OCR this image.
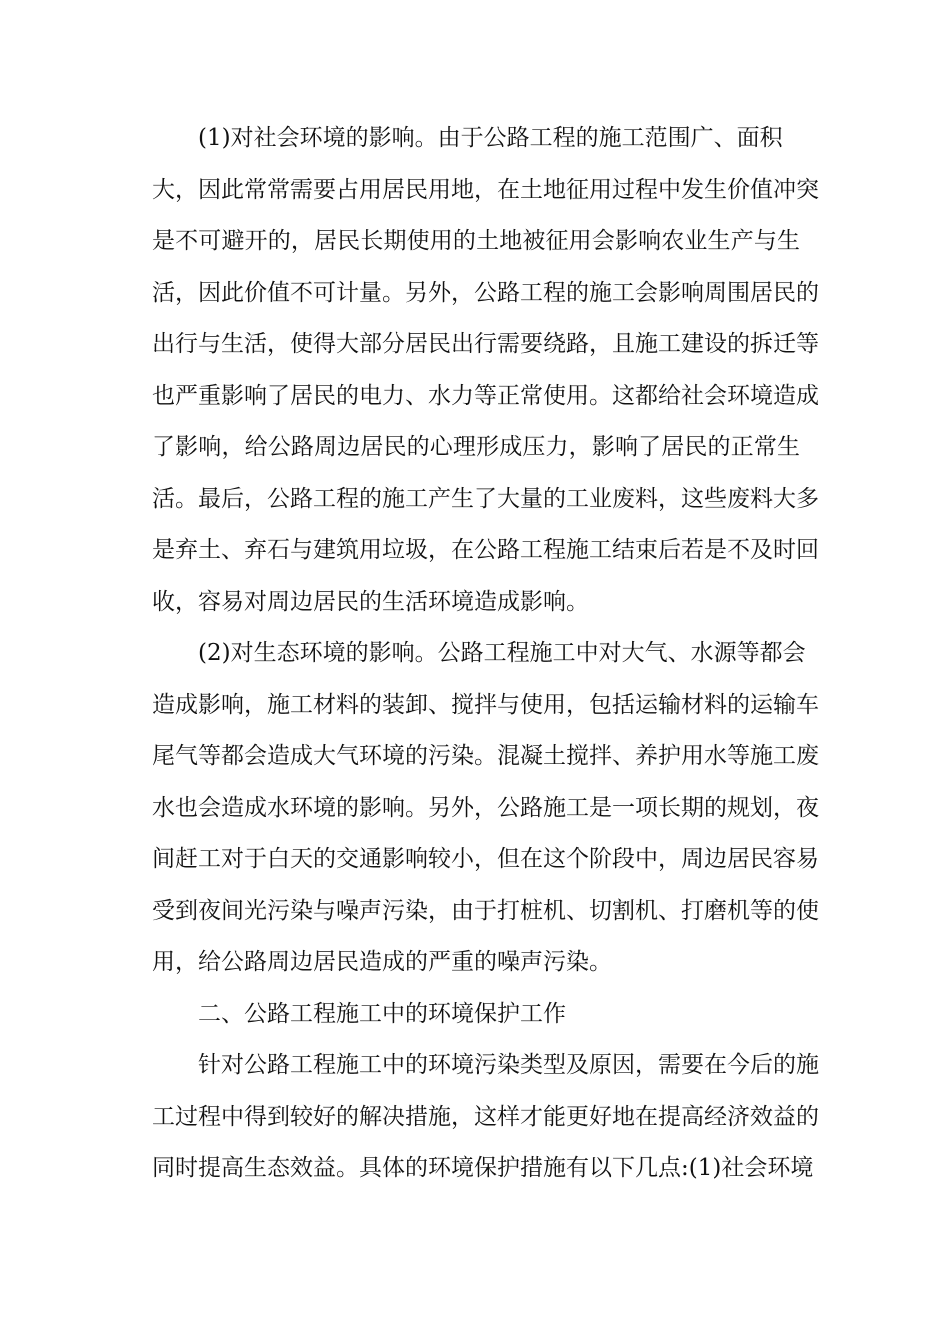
(1)对社会环境的影响。由于公路工程的施工范围广、面积
大，因此常常需要占用居民用地，在土地征用过程中发生价值冲突
是不可避开的，居民长期使用的土地被征用会影响农业生产与生
活，因此价值不可计量。另外，公路工程的施工会影响周围居民的
出行与生活，使得大部分居民出行需要绕路，且施工建设的拆迁等
也严重影响了居民的电力、水力等正常使用。这都给社会环境造成
了影响，给公路周边居民的心理形成压力，影响了居民的正常生
活。最后，公路工程的施工产生了大量的工业废料，这些废料大多
是弃土、弃石与建筑用垃圾，在公路工程施工结束后若是不及时回
收，容易对周边居民的生活环境造成影响。

(2)对生态环境的影响。公路工程施工中对大气、水源等都会
造成影响，施工材料的装卸、搅拌与使用，包括运输材料的运输车
尾气等都会造成大气环境的污染。混凝土搅拌、养护用水等施工废
水也会造成水环境的影响。另外，公路施工是一项长期的规划，夜
间赶工对于白天的交通影响较小，但在这个阶段中，周边居民容易
受到夜间光污染与噪声污染，由于打桩机、切割机、打磨机等的使
用，给公路周边居民造成的严重的噪声污染。

二、公路工程施工中的环境保护工作

针对公路工程施工中的环境污染类型及原因，需要在今后的施
工过程中得到较好的解决措施，这样才能更好地在提高经济效益的
同时提高生态效益。具体的环境保护措施有以下几点:(1)社会环境
